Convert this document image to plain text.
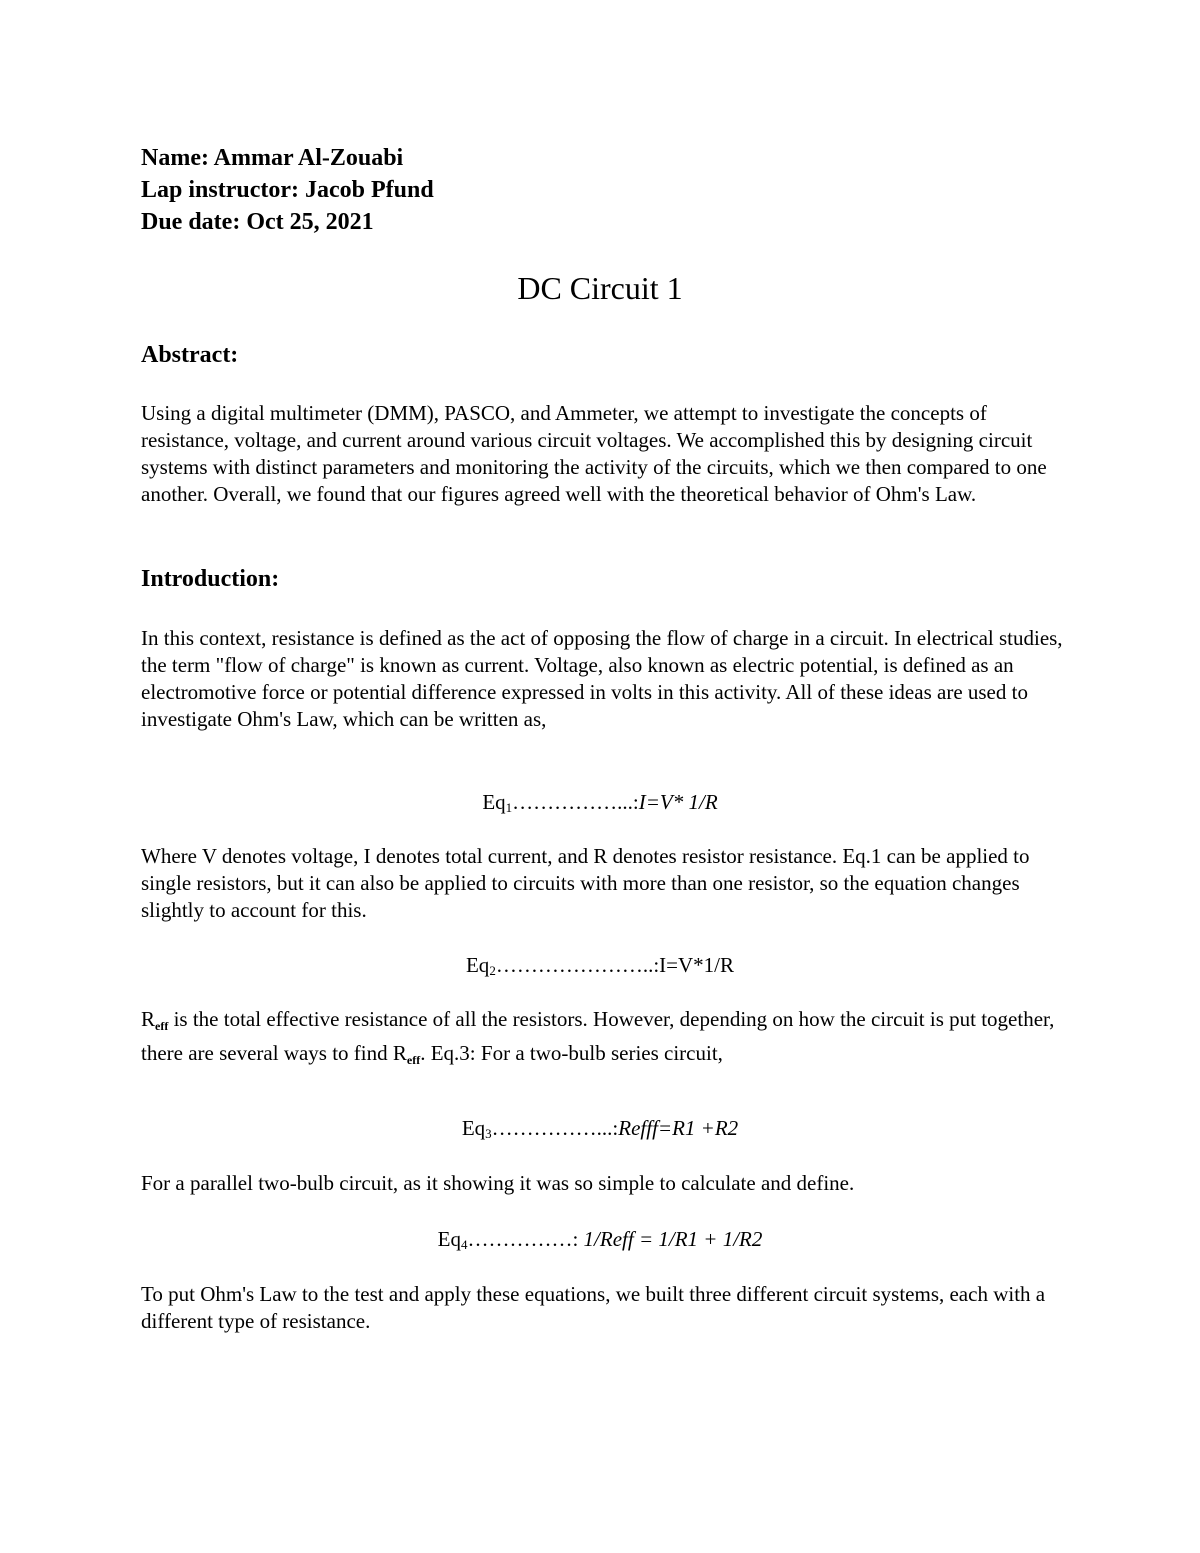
Name: Ammar Al-Zouabi
Lap instructor: Jacob Pfund
Due date: Oct 25, 2021
DC Circuit 1
Abstract:

Using a digital multimeter (DMM), PASCO, and Ammeter, we attempt to investigate the concepts of resistance, voltage, and current around various circuit voltages. We accomplished this by designing circuit systems with distinct parameters and monitoring the activity of the circuits, which we then compared to one another. Overall, we found that our figures agreed well with the theoretical behavior of Ohm's Law.

Introduction:

In this context, resistance is defined as the act of opposing the flow of charge in a circuit. In electrical studies, the term "flow of charge" is known as current. Voltage, also known as electric potential, is defined as an electromotive force or potential difference expressed in volts in this activity. All of these ideas are used to investigate Ohm's Law, which can be written as,

$Eq_1\dots\dots\dots\dots\dots...:I=V*$ 1/R

Where V denotes voltage, I denotes total current, and R denotes resistor resistance. Eq.1 can be applied to single resistors, but it can also be applied to circuits with more than one resistor, so the equation changes slightly to account for this.

$Eq_2\dots\dots\dots\dots\dots\dots\dots..:I=V*1/R$

$R_{eff}$ is the total effective resistance of all the resistors. However, depending on how the circuit is put together, there are several ways to find $R_{eff}$. Eq.3: For a two-bulb series circuit,

$Eq_3\dots\dots\dots\dots\dots...:Refff=R1 +R2$

For a parallel two-bulb circuit, as it showing it was so simple to calculate and define.

$Eq_4\dots\dots\dots\dots\dots$: 1/Reff = 1/R1 + 1/R2

To put Ohm's Law to the test and apply these equations, we built three different circuit systems, each with a different type of resistance.
